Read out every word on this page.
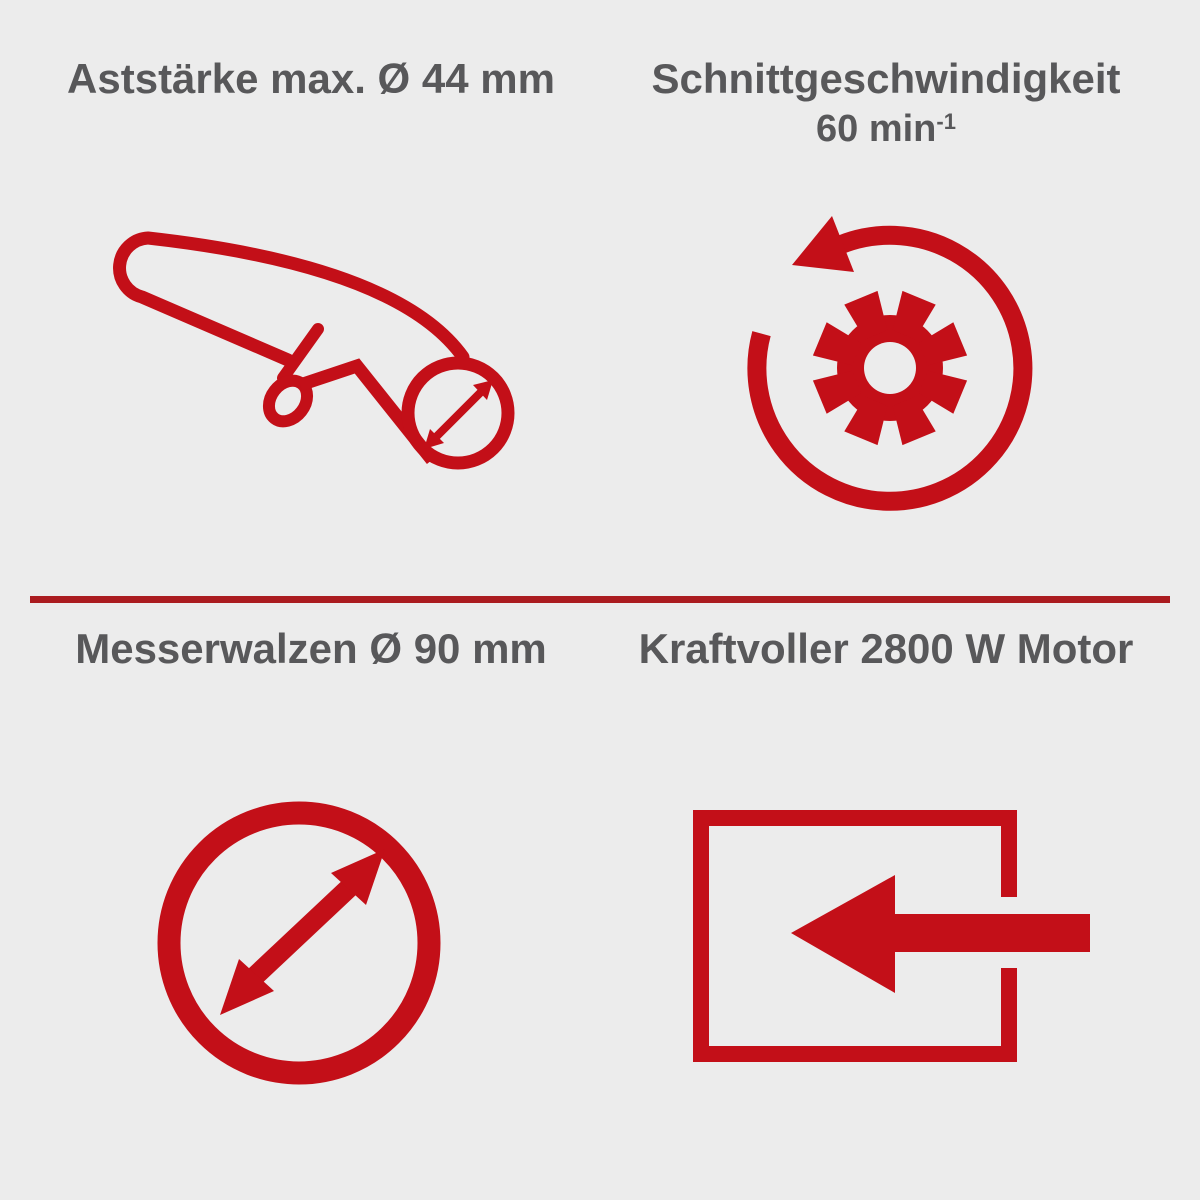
Aststärke max. Ø 44 mm	Schnittgeschwindigkeit
60 $\min^{-1}$
Messerwalzen Ø 90 mm	Kraftvoller 2800 W Motor
